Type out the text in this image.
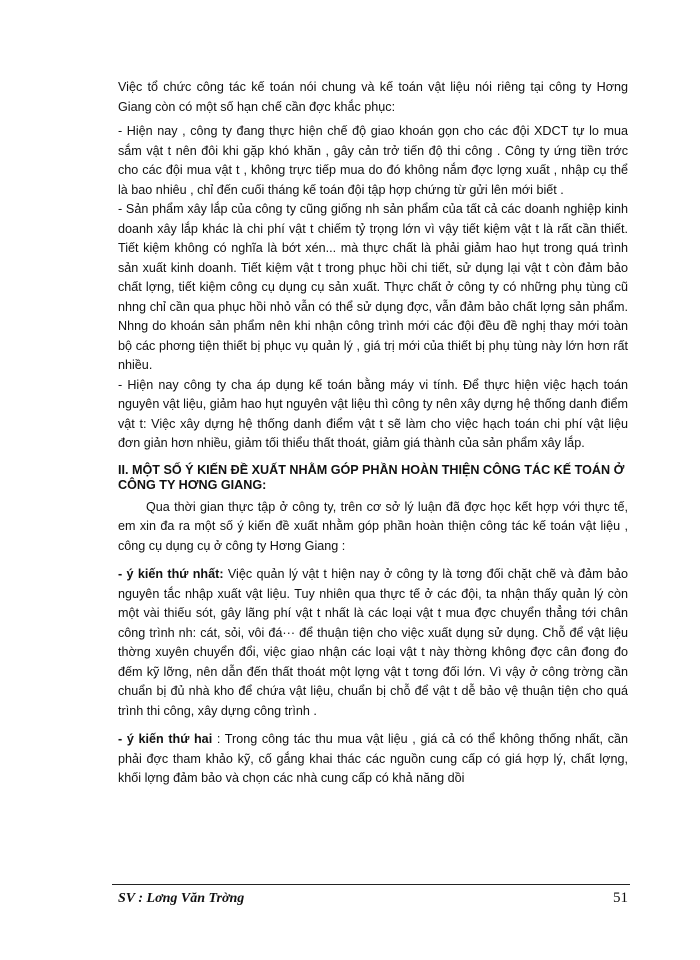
Việc tổ chức công tác kế toán nói chung và kế toán vật liệu nói riêng tại công ty Hơng Giang còn có một số hạn chế cần đợc khắc phục:

- Hiện nay , công ty đang thực hiện chế độ giao khoán gọn cho các đội XDCT tự lo mua sắm vật t nên đôi khi gặp khó khăn , gây cản trở tiến độ thi công . Công ty ứng tiền trớc cho các đội mua vật t , không trực tiếp mua do đó không nắm đợc lợng xuất , nhập cụ thể là bao nhiêu , chỉ đến cuối tháng kế toán đội tập hợp chứng từ gửi lên mới biết .

- Sản phẩm xây lắp của công ty cũng giống nh sản phẩm của tất cả các doanh nghiệp kinh doanh xây lắp khác là chi phí vật t chiếm tỷ trọng lớn vì vậy tiết kiệm vật t là rất cần thiết. Tiết kiệm không có nghĩa là bớt xén... mà thực chất là phải giảm hao hụt trong quá trình sản xuất kinh doanh. Tiết kiệm vật t trong phục hồi chi tiết, sử dụng lại vật t còn đảm bảo chất lợng, tiết kiệm công cụ dụng cụ sản xuất. Thực chất ở công ty có những phụ tùng cũ nhng chỉ cần qua phục hồi nhỏ vẫn có thể sử dụng đợc, vẫn đảm bảo chất lợng sản phẩm. Nhng do khoán sản phẩm nên khi nhận công trình mới các đội đều đề nghị thay mới toàn bộ các phơng tiện thiết bị phục vụ quản lý , giá trị mới của thiết bị phụ tùng này lớn hơn rất nhiều.

- Hiện nay công ty cha áp dụng kế toán bằng máy vi tính. Để thực hiện việc hạch toán nguyên vật liệu, giảm hao hụt nguyên vật liệu thì công ty nên xây dựng hệ thống danh điểm vật t: Việc xây dựng hệ thống danh điểm vật t sẽ làm cho việc hạch toán chi phí vật liệu đơn giản hơn nhiều, giảm tối thiểu thất thoát, giảm giá thành của sản phẩm xây lắp.

II. MỘT SỐ Ý KIẾN ĐỀ XUẤT NHẰM GÓP PHẦN HOÀN THIỆN CÔNG TÁC KẾ TOÁN Ở CÔNG TY HƠNG GIANG:

Qua thời gian thực tập ở công ty, trên cơ sở lý luận đã đợc học kết hợp với thực tế, em xin đa ra một số ý kiến đề xuất nhằm góp phần hoàn thiện công tác kế toán vật liệu , công cụ dụng cụ ở công ty Hơng Giang :

- ý kiến thứ nhất: Việc quản lý vật t hiện nay ở công ty là tơng đối chặt chẽ và đảm bảo nguyên tắc nhập xuất vật liệu. Tuy nhiên qua thực tế ở các đội, ta nhận thấy quản lý còn một vài thiếu sót, gây lãng phí vật t nhất là các loại vật t mua đợc chuyển thẳng tới chân công trình nh: cát, sỏi, vôi đá··· để thuận tiện cho việc xuất dụng sử dụng. Chỗ để vật liệu thờng xuyên chuyển đổi, việc giao nhận các loại vật t này thờng không đợc cân đong đo đếm kỹ lỡng, nên dẫn đến thất thoát một lợng vật t tơng đối lớn. Vì vậy ở công trờng cần chuẩn bị đủ nhà kho để chứa vật liệu, chuẩn bị chỗ để vật t dễ bảo vệ thuận tiện cho quá trình thi công, xây dựng công trình .

- ý kiến thứ hai : Trong công tác thu mua vật liệu , giá cả có thể không thống nhất, cần phải đợc tham khảo kỹ, cố gắng khai thác các nguồn cung cấp có giá hợp lý, chất lợng, khối lợng đảm bảo và chọn các nhà cung cấp có khả năng dồi

SV : Lơng Văn Trờng	51
